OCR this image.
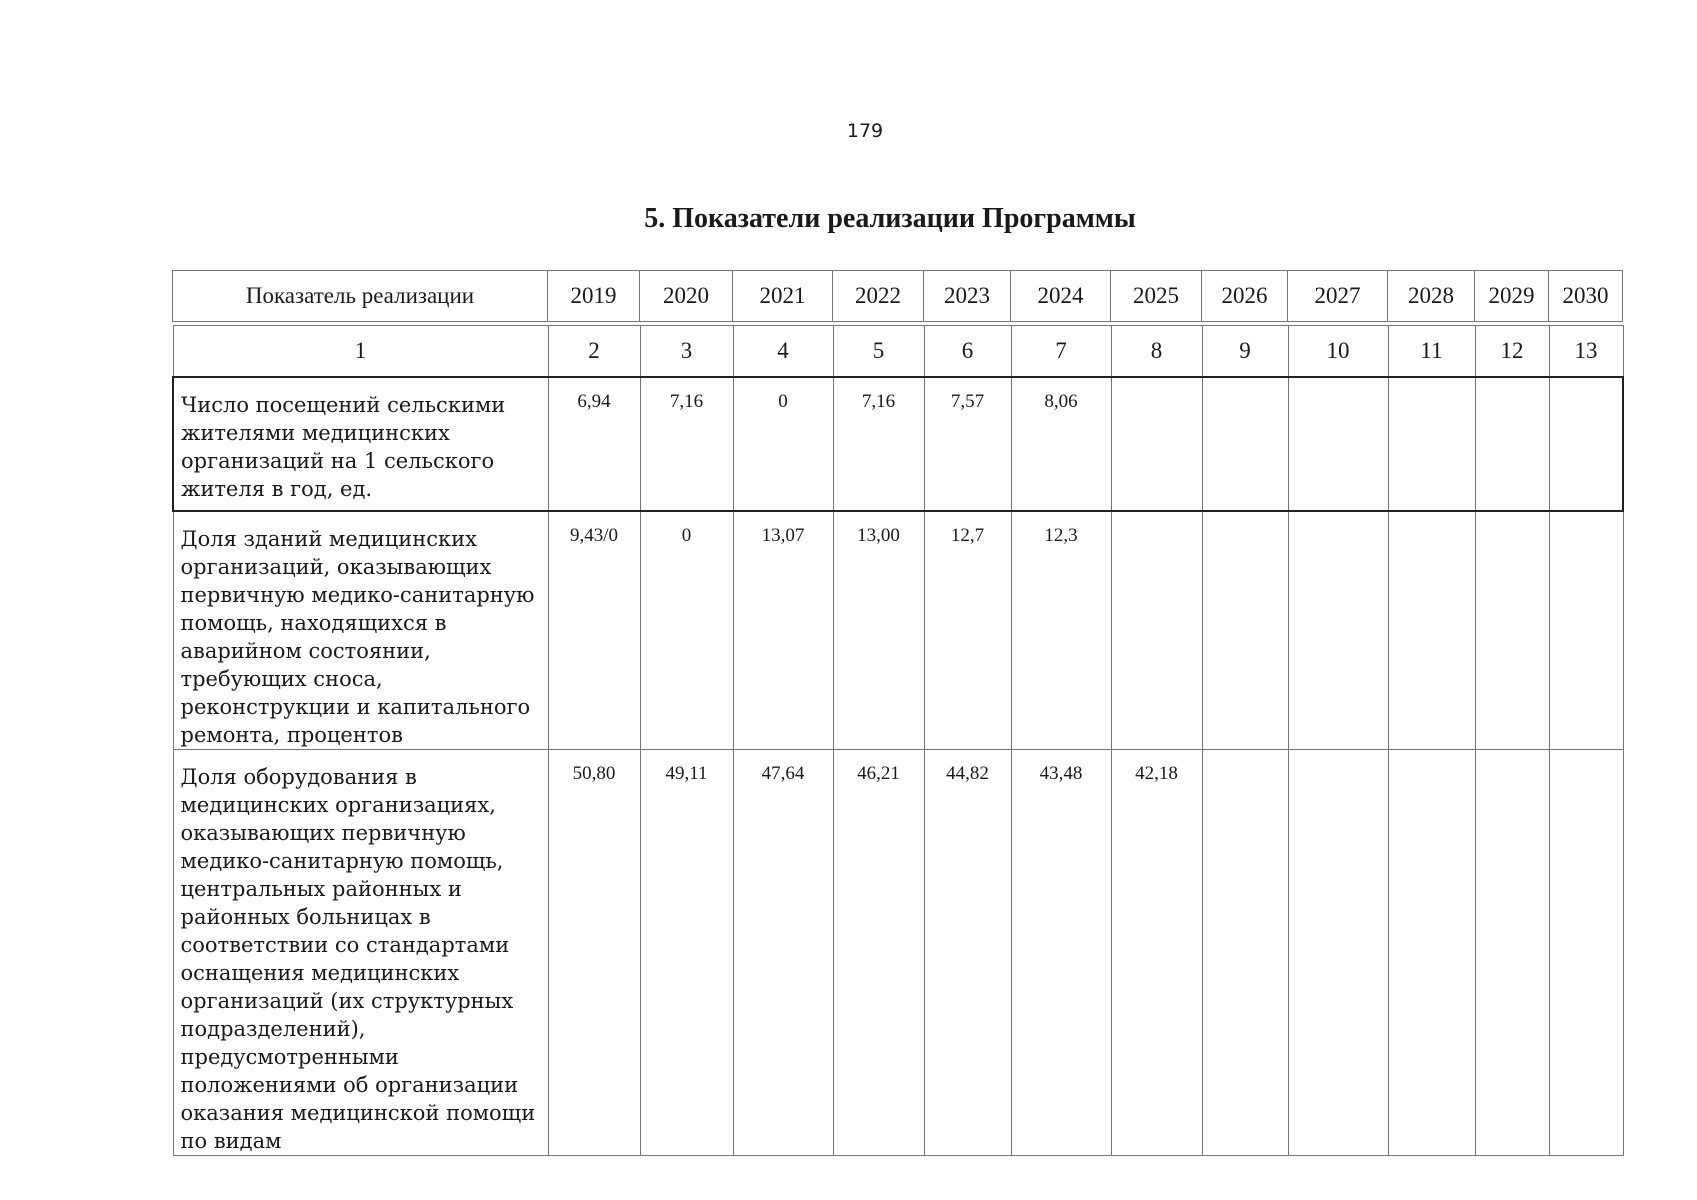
179
5. Показатели реализации Программы
Показатель реализации	2019	2020	2021	2022	2023	2024	2025	2026	2027	2028	2029	2030
1	2	3	4	5	6	7	8	9	10	11	12	13
Число посещений сельскими жителями медицинских организаций на 1 сельского жителя в год, ед.	6,94	7,16	0	7,16	7,57	8,06						
Доля зданий медицинских организаций, оказывающих первичную медико-санитарную помощь, находящихся в аварийном состоянии, требующих сноса, реконструкции и капитального ремонта, процентов	9,43/0	0	13,07	13,00	12,7	12,3						
Доля оборудования в медицинских организациях, оказывающих первичную медико-санитарную помощь, центральных районных и районных больницах в соответствии со стандартами оснащения медицинских организаций (их структурных подразделений), предусмотренными положениями об организации оказания медицинской помощи по видам	50,80	49,11	47,64	46,21	44,82	43,48	42,18					
